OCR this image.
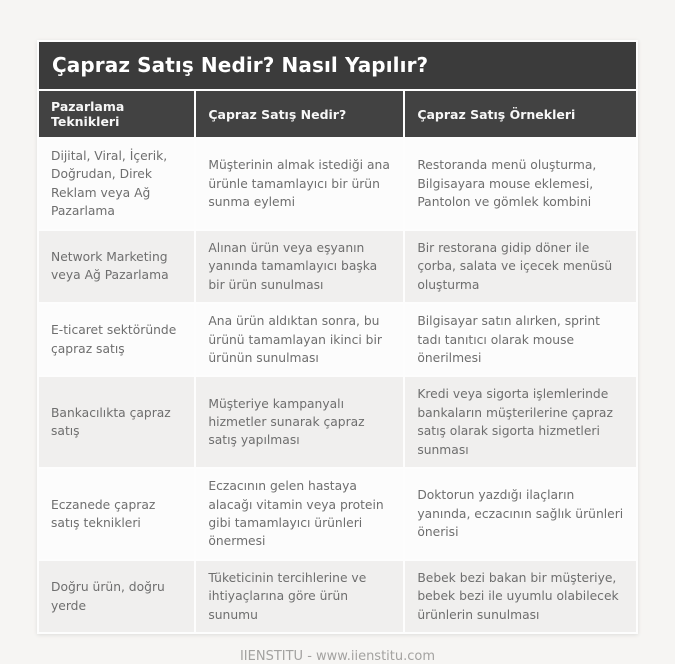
Çapraz Satış Nedir? Nasıl Yapılır?		
Pazarlama Teknikleri	Çapraz Satış Nedir?	Çapraz Satış Örnekleri
Dijital, Viral, İçerik, Doğrudan, Direk Reklam veya Ağ Pazarlama	Müşterinin almak istediği ana ürünle tamamlayıcı bir ürün sunma eylemi	Restoranda menü oluşturma, Bilgisayara mouse eklemesi, Pantolon ve gömlek kombini
Network Marketing veya Ağ Pazarlama	Alınan ürün veya eşyanın yanında tamamlayıcı başka bir ürün sunulması	Bir restorana gidip döner ile çorba, salata ve içecek menüsü oluşturma
E-ticaret sektöründe çapraz satış	Ana ürün aldıktan sonra, bu ürünü tamamlayan ikinci bir ürünün sunulması	Bilgisayar satın alırken, sprint tadı tanıtıcı olarak mouse önerilmesi
Bankacılıkta çapraz satış	Müşteriye kampanyalı hizmetler sunarak çapraz satış yapılması	Kredi veya sigorta işlemlerinde bankaların müşterilerine çapraz satış olarak sigorta hizmetleri sunması
Eczanede çapraz satış teknikleri	Eczacının gelen hastaya alacağı vitamin veya protein gibi tamamlayıcı ürünleri önermesi	Doktorun yazdığı ilaçların yanında, eczacının sağlık ürünleri önerisi
Doğru ürün, doğru yerde	Tüketicinin tercihlerine ve ihtiyaçlarına göre ürün sunumu	Bebek bezi bakan bir müşteriye, bebek bezi ile uyumlu olabilecek ürünlerin sunulması
IIENSTITU - www.iienstitu.com
